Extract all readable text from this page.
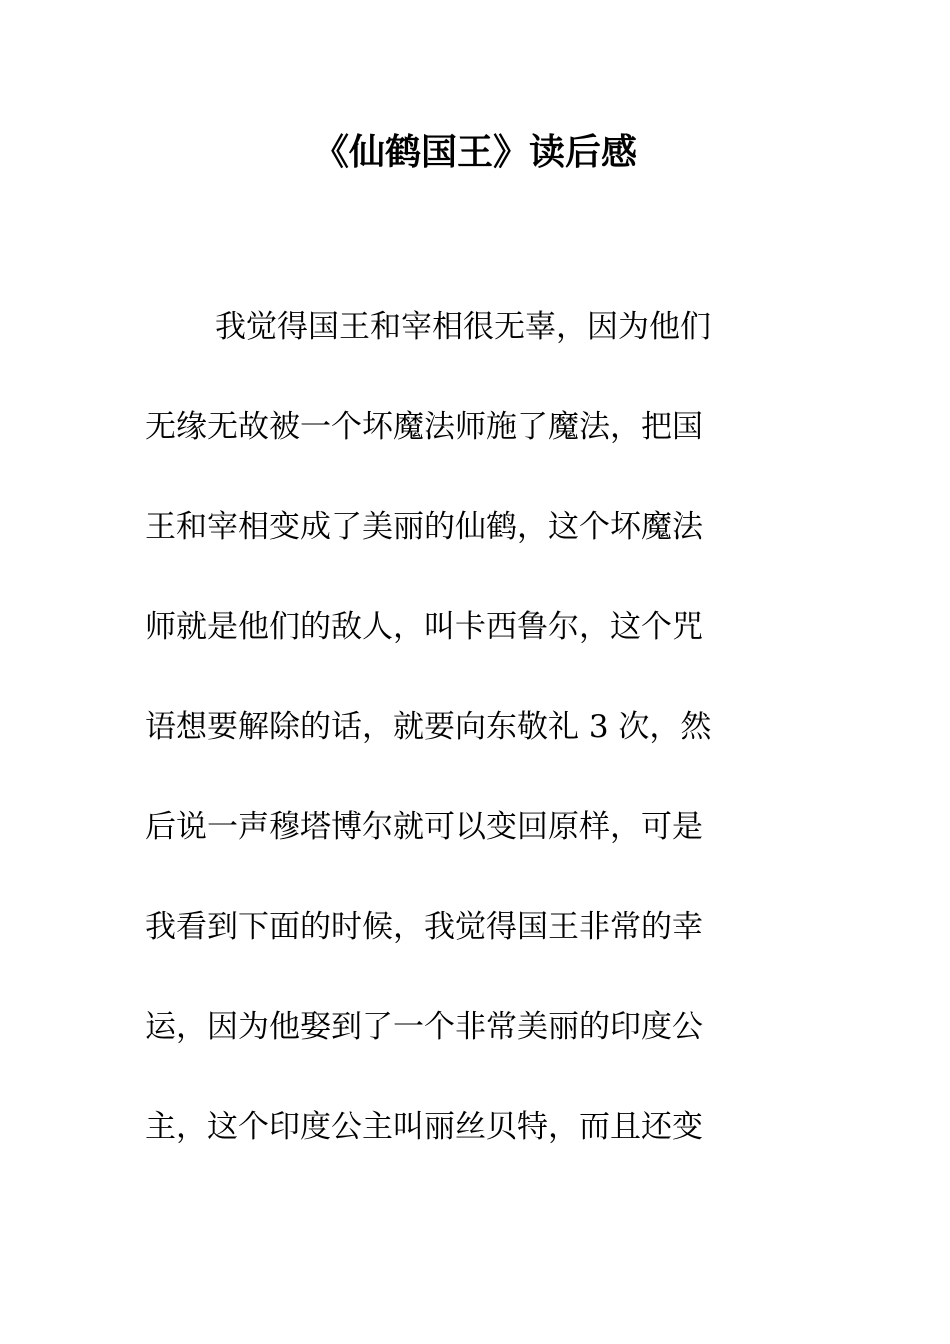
《仙鹤国王》读后感
我觉得国王和宰相很无辜，因为他们
无缘无故被一个坏魔法师施了魔法，把国
王和宰相变成了美丽的仙鹤，这个坏魔法
师就是他们的敌人，叫卡西鲁尔，这个咒
语想要解除的话，就要向东敬礼 3 次，然
后说一声穆塔博尔就可以变回原样，可是
我看到下面的时候，我觉得国王非常的幸
运，因为他娶到了一个非常美丽的印度公
主，这个印度公主叫丽丝贝特，而且还变
